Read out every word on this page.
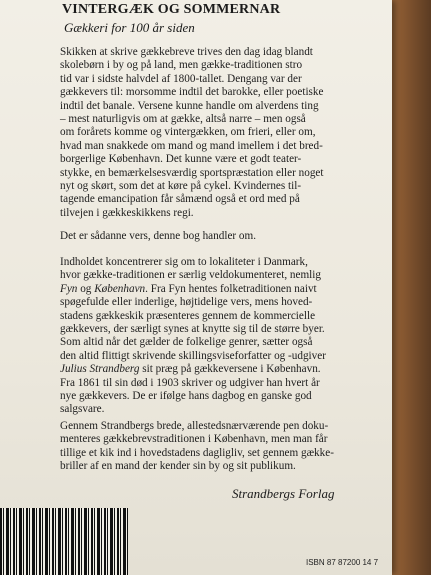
VINTERGÆK OG SOMMERNAR
Gækkeri for 100 år siden
Skikken at skrive gækkebreve trives den dag idag blandt
skolebørn i by og på land, men gække-traditionen stro
tid var i sidste halvdel af 1800-tallet. Dengang var der
gækkevers til: morsomme indtil det barokke, eller poetiske
indtil det banale. Versene kunne handle om alverdens ting
– mest naturligvis om at gække, altså narre – men også
om forårets komme og vintergækken, om frieri, eller om,
hvad man snakkede om mand og mand imellem i det bred-
borgerlige København. Det kunne være et godt teater-
stykke, en bemærkelsesværdig sportspræstation eller noget
nyt og skørt, som det at køre på cykel. Kvindernes til-
tagende emancipation får såmænd også et ord med på
tilvejen i gækkeskikkens regi.
Det er sådanne vers, denne bog handler om.
Indholdet koncentrerer sig om to lokaliteter i Danmark,
hvor gække-traditionen er særlig veldokumenteret, nemlig
Fyn og København. Fra Fyn hentes folketraditionen naivt
spøgefulde eller inderlige, højtidelige vers, mens hoved-
stadens gækkeskik præsenteres gennem de kommercielle
gækkevers, der særligt synes at knytte sig til de større byer.
Som altid når det gælder de folkelige genrer, sætter også
den altid flittigt skrivende skillingsviseforfatter og -udgiver
Julius Strandberg sit præg på gækkeversene i København.
Fra 1861 til sin død i 1903 skriver og udgiver han hvert år
nye gækkevers. De er ifølge hans dagbog en ganske god
salgsvare.
Gennem Strandbergs brede, allestedsnærværende pen doku-
menteres gækkebrevstraditionen i København, men man får
tillige et kik ind i hovedstadens dagligliv, set gennem gække-
briller af en mand der kender sin by og sit publikum.
Strandbergs Forlag
ISBN 87 87200 14 7
